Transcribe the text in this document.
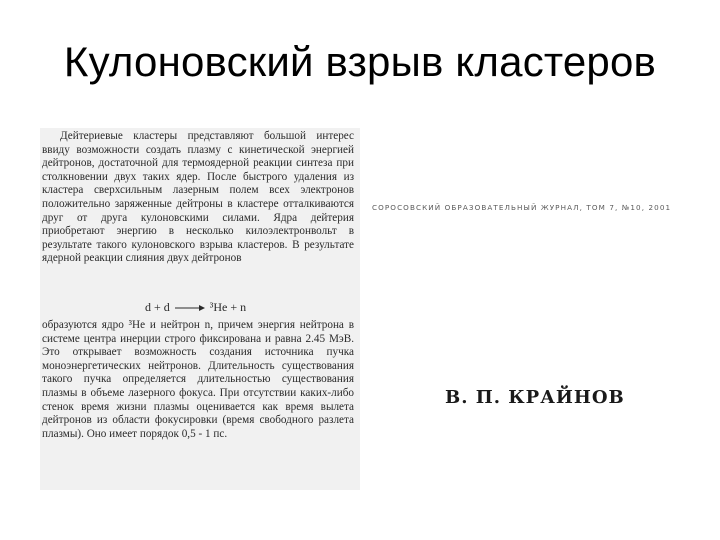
Кулоновский взрыв кластеров

Дейтериевые кластеры представляют большой интерес ввиду возможности создать плазму с кинетической энергией дейтронов, достаточной для термоядерной реакции синтеза при столкновении двух таких ядер. После быстрого удаления из кластера сверхсильным лазерным полем всех электронов положительно заряженные дейтроны в кластере отталкиваются друг от друга кулоновскими силами. Ядра дейтерия приобретают энергию в несколько килоэлектронвольт в результате такого кулоновского взрыва кластеров. В результате ядерной реакции слияния двух дейтронов

d + d	³He + n

образуются ядро ³He и нейтрон n, причем энергия нейтрона в системе центра инерции строго фиксирована и равна 2.45 МэВ. Это открывает возможность создания источника пучка моноэнергетических нейтронов. Длительность существования такого пучка определяется длительностью существования плазмы в объеме лазерного фокуса. При отсутствии каких-либо стенок время жизни плазмы оценивается как время вылета дейтронов из области фокусировки (время свободного разлета плазмы). Оно имеет порядок 0,5 - 1 пс.

СОРОСОВСКИЙ ОБРАЗОВАТЕЛЬНЫЙ ЖУРНАЛ, ТОМ 7, №10, 2001
В. П. КРАЙНОВ
